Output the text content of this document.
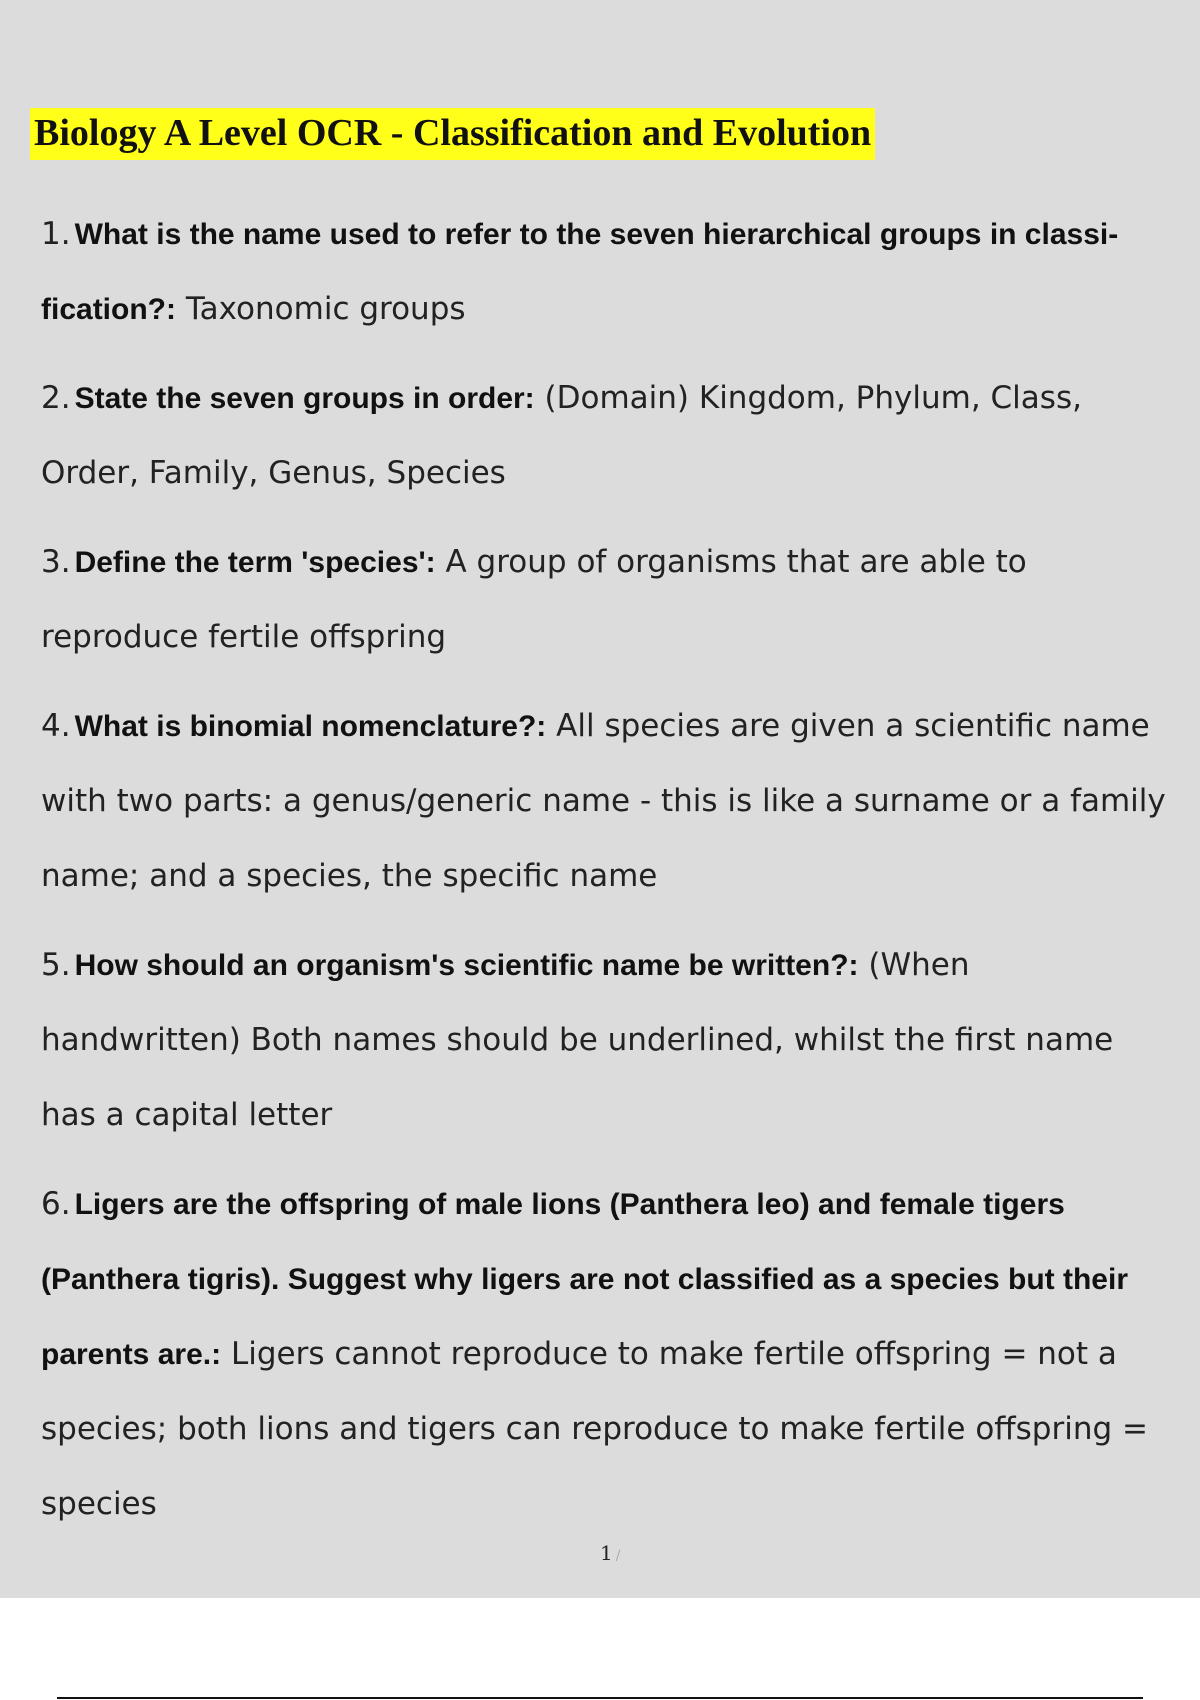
Biology A Level OCR - Classification and Evolution
1. What is the name used to refer to the seven hierarchical groups in classi- fication?: Taxonomic groups
2. State the seven groups in order: (Domain) Kingdom, Phylum, Class, Order, Family, Genus, Species
3. Define the term 'species': A group of organisms that are able to reproduce fertile offspring
4. What is binomial nomenclature?: All species are given a scientific name with two parts: a genus/generic name - this is like a surname or a family name; and a species, the specific name
5. How should an organism's scientific name be written?: (When handwritten) Both names should be underlined, whilst the first name has a capital letter
6. Ligers are the offspring of male lions (Panthera leo) and female tigers (Panthera tigris). Suggest why ligers are not classified as a species but their parents are.: Ligers cannot reproduce to make fertile offspring = not a species; both lions and tigers can reproduce to make fertile offspring = species
1 /
